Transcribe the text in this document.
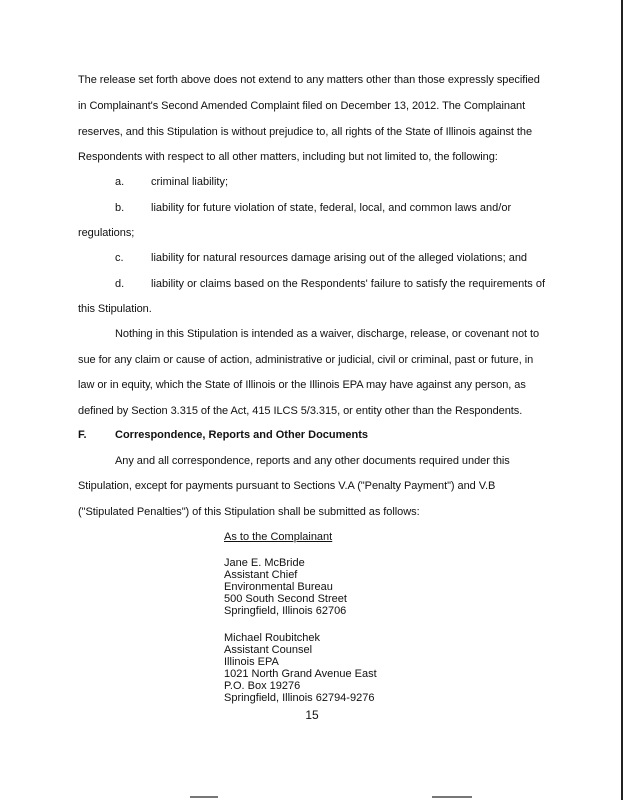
The release set forth above does not extend to any matters other than those expressly specified
in Complainant's Second Amended Complaint filed on December 13, 2012. The Complainant
reserves, and this Stipulation is without prejudice to, all rights of the State of Illinois against the
Respondents with respect to all other matters, including but not limited to, the following:
a. criminal liability;
b. liability for future violation of state, federal, local, and common laws and/or
regulations;
c. liability for natural resources damage arising out of the alleged violations; and
d. liability or claims based on the Respondents' failure to satisfy the requirements of
this Stipulation.
Nothing in this Stipulation is intended as a waiver, discharge, release, or covenant not to
sue for any claim or cause of action, administrative or judicial, civil or criminal, past or future, in
law or in equity, which the State of Illinois or the Illinois EPA may have against any person, as
defined by Section 3.315 of the Act, 415 ILCS 5/3.315, or entity other than the Respondents.
F.	Correspondence, Reports and Other Documents
Any and all correspondence, reports and any other documents required under this
Stipulation, except for payments pursuant to Sections V.A ("Penalty Payment") and V.B
("Stipulated Penalties") of this Stipulation shall be submitted as follows:
As to the Complainant
Jane E. McBride
Assistant Chief
Environmental Bureau
500 South Second Street
Springfield, Illinois 62706
Michael Roubitchek
Assistant Counsel
Illinois EPA
1021 North Grand Avenue East
P.O. Box 19276
Springfield, Illinois 62794-9276
15
